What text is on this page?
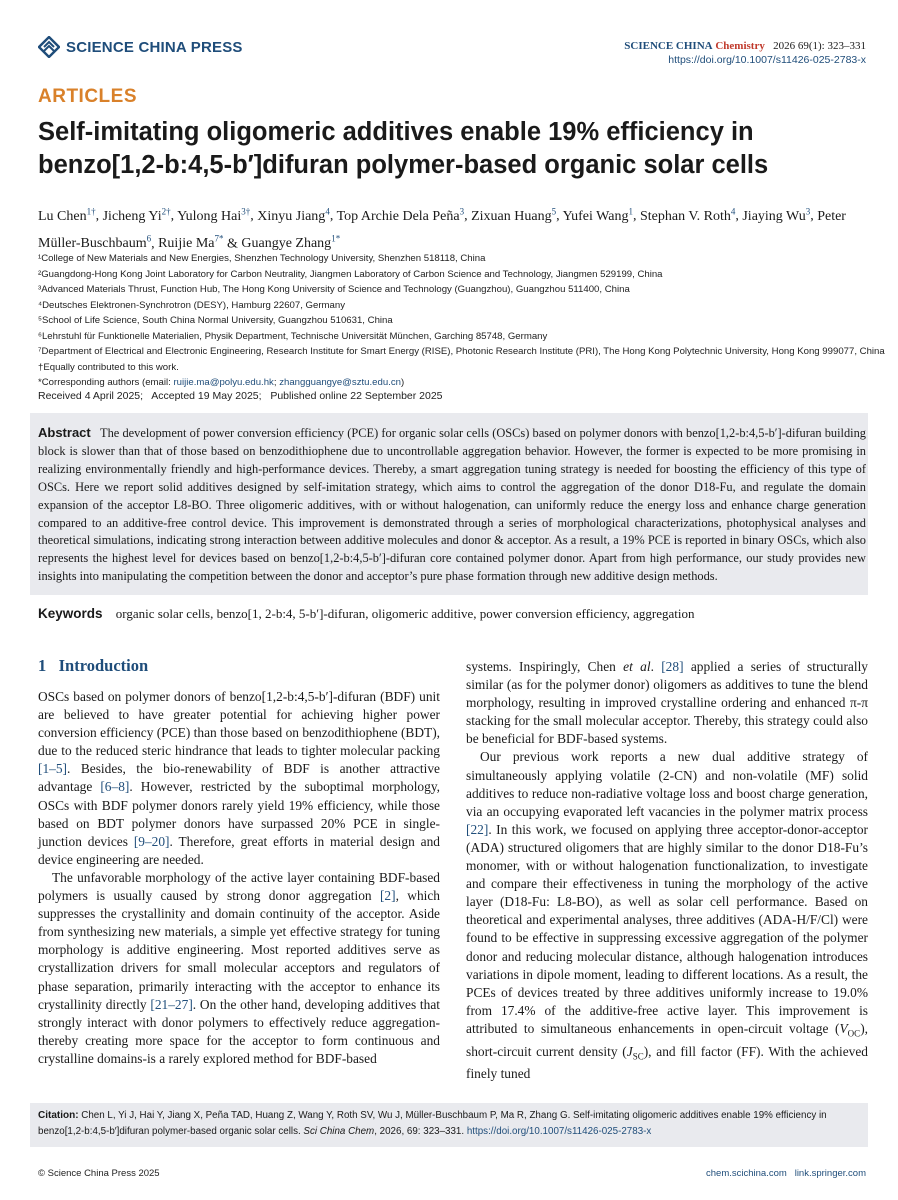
SCIENCE CHINA PRESS	SCIENCE CHINA Chemistry 2026 69(1): 323–331
https://doi.org/10.1007/s11426-025-2783-x
ARTICLES
Self-imitating oligomeric additives enable 19% efficiency in benzo[1,2-b:4,5-b′]difuran polymer-based organic solar cells
Lu Chen$^{1\dagger}$, Jicheng $Yi^{2\dagger}$, Yulong Hai$^{3\dagger}$, Xinyu Jiang$^4$, Top Archie Dela Peña$^3$, Zixuan Huang$^5$, Yufei Wang$^1$, Stephan V. Roth$^4$, Jiaying Wu$^3$, Peter Müller-Buschbaum$^6$, Ruijie $Ma^{7*}$ & Guangye Zhang$^{1*}$
¹College of New Materials and New Energies, Shenzhen Technology University, Shenzhen 518118, China
²Guangdong-Hong Kong Joint Laboratory for Carbon Neutrality, Jiangmen Laboratory of Carbon Science and Technology, Jiangmen 529199, China
³Advanced Materials Thrust, Function Hub, The Hong Kong University of Science and Technology (Guangzhou), Guangzhou 511400, China
⁴Deutsches Elektronen-Synchrotron (DESY), Hamburg 22607, Germany
⁵School of Life Science, South China Normal University, Guangzhou 510631, China
⁶Lehrstuhl für Funktionelle Materialien, Physik Department, Technische Universität München, Garching 85748, Germany
⁷Department of Electrical and Electronic Engineering, Research Institute for Smart Energy (RISE), Photonic Research Institute (PRI), The Hong Kong Polytechnic University, Hong Kong 999077, China
†Equally contributed to this work.
*Corresponding authors (email: ruijie.ma@polyu.edu.hk; zhangguangye@sztu.edu.cn)
Received 4 April 2025;   Accepted 19 May 2025;   Published online 22 September 2025
Abstract The development of power conversion efficiency (PCE) for organic solar cells (OSCs) based on polymer donors with benzo[1,2-b:4,5-b′]-difuran building block is slower than that of those based on benzodithiophene due to uncontrollable aggregation behavior. However, the former is expected to be more promising in realizing environmentally friendly and high-performance devices. Thereby, a smart aggregation tuning strategy is needed for boosting the efficiency of this type of OSCs. Here we report solid additives designed by self-imitation strategy, which aims to control the aggregation of the donor D18-Fu, and regulate the domain expansion of the acceptor L8-BO. Three oligomeric additives, with or without halogenation, can uniformly reduce the energy loss and enhance charge generation compared to an additive-free control device. This improvement is demonstrated through a series of morphological characterizations, photophysical analyses and theoretical simulations, indicating strong interaction between additive molecules and donor & acceptor. As a result, a 19% PCE is reported in binary OSCs, which also represents the highest level for devices based on benzo[1,2-b:4,5-b′]-difuran core contained polymer donor. Apart from high performance, our study provides new insights into manipulating the competition between the donor and acceptor’s pure phase formation through new additive design methods.
Keywords organic solar cells, benzo[1, 2-b:4, 5-b′]-difuran, oligomeric additive, power conversion efficiency, aggregation
1   Introduction

OSCs based on polymer donors of benzo[1,2-b:4,5-b′]-difuran (BDF) unit are believed to have greater potential for achieving higher power conversion efficiency (PCE) than those based on benzodithiophene (BDT), due to the reduced steric hindrance that leads to tighter molecular packing [1–5]. Besides, the bio-renewability of BDF is another attractive advantage [6–8]. However, restricted by the suboptimal morphology, OSCs with BDF polymer donors rarely yield 19% efficiency, while those based on BDT polymer donors have surpassed 20% PCE in single-junction devices [9–20]. Therefore, great efforts in material design and device engineering are needed.

The unfavorable morphology of the active layer containing BDF-based polymers is usually caused by strong donor aggregation [2], which suppresses the crystallinity and domain continuity of the acceptor. Aside from synthesizing new materials, a simple yet effective strategy for tuning morphology is additive engineering. Most reported additives serve as crystallization drivers for small molecular acceptors and regulators of phase separation, primarily interacting with the acceptor to enhance its crystallinity directly [21–27]. On the other hand, developing additives that strongly interact with donor polymers to effectively reduce aggregation-thereby creating more space for the acceptor to form continuous and crystalline domains-is a rarely explored method for BDF-based

systems. Inspiringly, Chen et al. [28] applied a series of structurally similar (as for the polymer donor) oligomers as additives to tune the blend morphology, resulting in improved crystalline ordering and enhanced π-π stacking for the small molecular acceptor. Thereby, this strategy could also be beneficial for BDF-based systems.

Our previous work reports a new dual additive strategy of simultaneously applying volatile (2-CN) and non-volatile (MF) solid additives to reduce non-radiative voltage loss and boost charge generation, via an occupying evaporated left vacancies in the polymer matrix process [22]. In this work, we focused on applying three acceptor-donor-acceptor (ADA) structured oligomers that are highly similar to the donor D18-Fu’s monomer, with or without halogenation functionalization, to investigate and compare their effectiveness in tuning the morphology of the active layer (D18-Fu: L8-BO), as well as solar cell performance. Based on theoretical and experimental analyses, three additives (ADA-H/F/Cl) were found to be effective in suppressing excessive aggregation of the polymer donor and reducing molecular distance, although halogenation introduces variations in dipole moment, leading to different locations. As a result, the PCEs of devices treated by three additives uniformly increase to 19.0% from 17.4% of the additive-free active layer. This improvement is attributed to simultaneous enhancements in open-circuit voltage $(V_{OC})$, short-circuit current density $(J_{SC})$, and fill factor (FF). With the achieved finely tuned

Citation: Chen L, Yi J, Hai Y, Jiang X, Peña TAD, Huang Z, Wang Y, Roth SV, Wu J, Müller-Buschbaum P, Ma R, Zhang G. Self-imitating oligomeric additives enable 19% efficiency in benzo[1,2-b:4,5-b′]difuran polymer-based organic solar cells. Sci China Chem, 2026, 69: 323–331. https://doi.org/10.1007/s11426-025-2783-x
© Science China Press 2025	chem.scichina.com   link.springer.com
